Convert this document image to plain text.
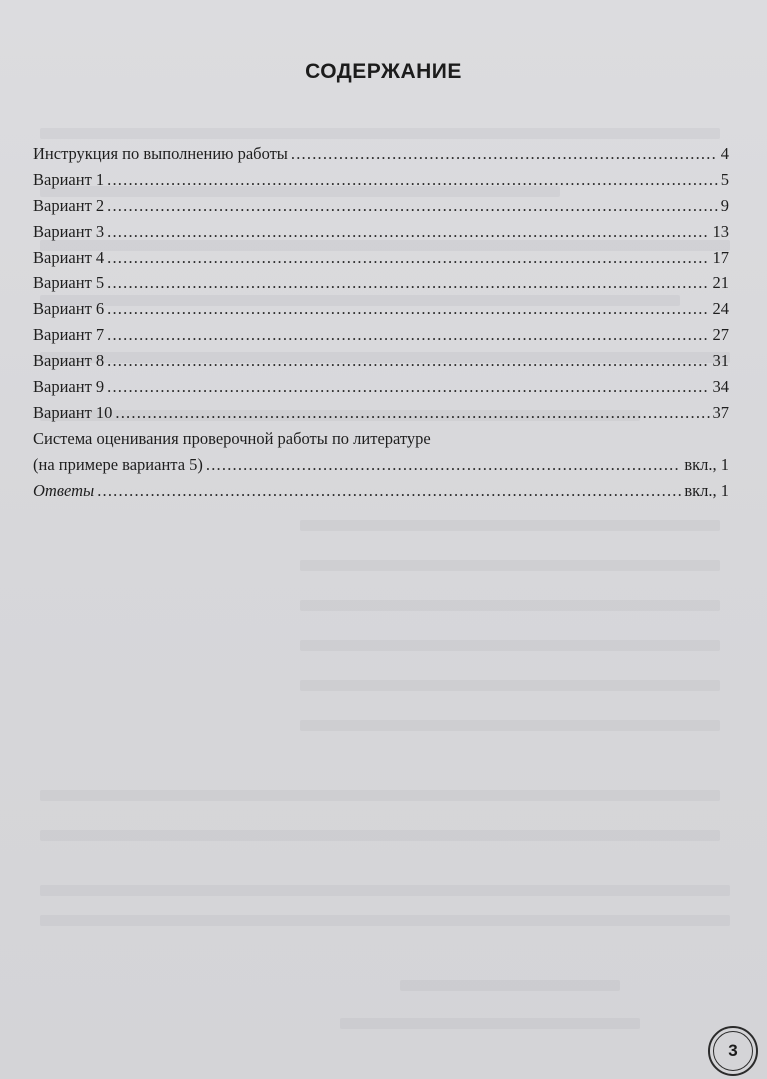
СОДЕРЖАНИЕ
Инструкция по выполнению работы .....	4
Вариант 1 .....	5
Вариант 2 .....	9
Вариант 3 .....	13
Вариант 4 .....	17
Вариант 5 .....	21
Вариант 6 .....	24
Вариант 7 .....	27
Вариант 8 .....	31
Вариант 9 .....	34
Вариант 10 .....	37
Система оценивания проверочной работы по литературе
(на примере варианта 5) .....	вкл., 1
Ответы .....	вкл., 1
3
